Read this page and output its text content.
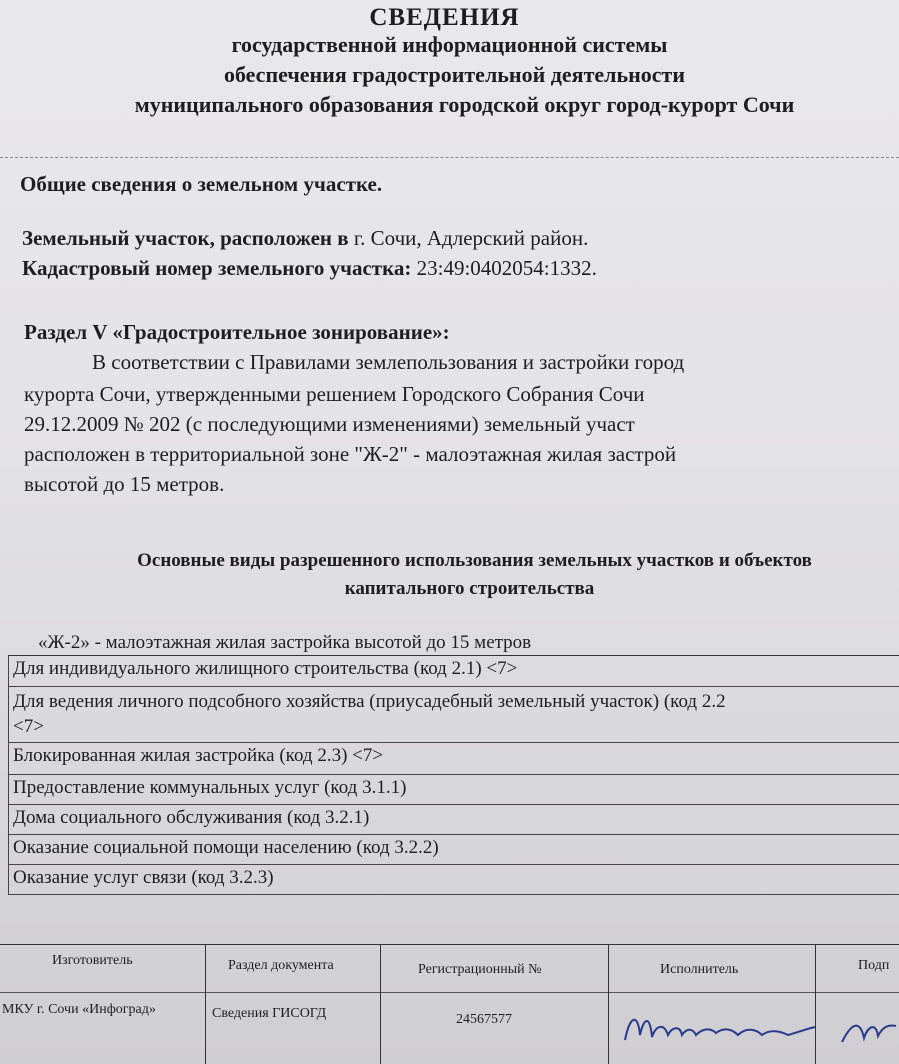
СВЕДЕНИЯ
государственной информационной системы
обеспечения градостроительной деятельности
муниципального образования городской округ город-курорт Сочи
Общие сведения о земельном участке.
Земельный участок, расположен в г. Сочи, Адлерский район.
Кадастровый номер земельного участка: 23:49:0402054:1332.
Раздел V «Градостроительное зонирование»:
В соответствии с Правилами землепользования и застройки город
курорта Сочи, утвержденными решением Городского Собрания Сочи
29.12.2009 № 202 (с последующими изменениями) земельный участ
расположен в территориальной зоне "Ж-2" - малоэтажная жилая застрой
высотой до 15 метров.
Основные виды разрешенного использования земельных участков и объектов
капитального строительства
«Ж-2» - малоэтажная жилая застройка высотой до 15 метров
Для индивидуального жилищного строительства (код 2.1) <7>
Для ведения личного подсобного хозяйства (приусадебный земельный участок) (код 2.2
<7>
Блокированная жилая застройка (код 2.3) <7>
Предоставление коммунальных услуг (код 3.1.1)
Дома социального обслуживания (код 3.2.1)
Оказание социальной помощи населению (код 3.2.2)
Оказание услуг связи (код 3.2.3)
Изготовитель	Раздел документа	Регистрационный №	Исполнитель	Подп
МКУ г. Сочи «Инфоград»	Сведения ГИСОГД	24567577
